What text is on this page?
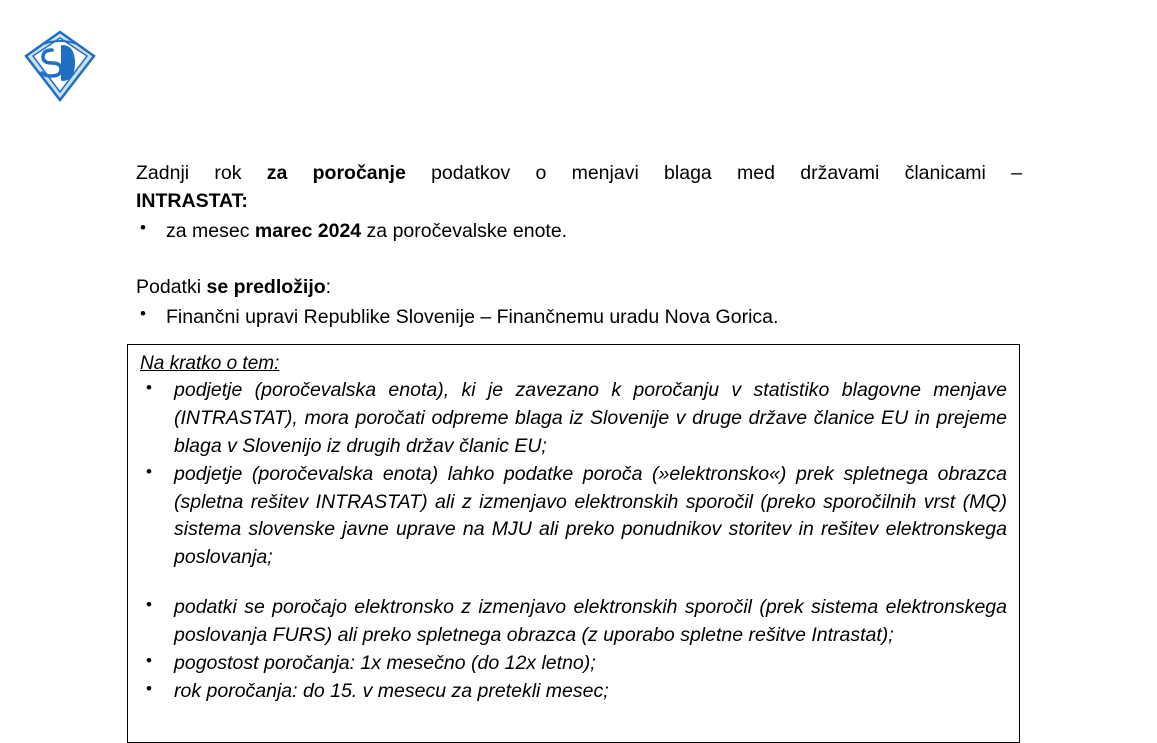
Zadnji rok za poročanje podatkov o menjavi blaga med državami članicami –

INTRASTAT:

• za mesec marec 2024 za poročevalske enote.

Podatki se predložijo:

• Finančni upravi Republike Slovenije – Finančnemu uradu Nova Gorica.
Na kratko o tem:
• podjetje (poročevalska enota), ki je zavezano k poročanju v statistiko blagovne menjave (INTRASTAT), mora poročati odpreme blaga iz Slovenije v druge države članice EU in prejeme blaga v Slovenijo iz drugih držav članic EU;
• podjetje (poročevalska enota) lahko podatke poroča (»elektronsko«) prek spletnega obrazca (spletna rešitev INTRASTAT) ali z izmenjavo elektronskih sporočil (preko sporočilnih vrst (MQ) sistema slovenske javne uprave na MJU ali preko ponudnikov storitev in rešitev elektronskega poslovanja;
• podatki se poročajo elektronsko z izmenjavo elektronskih sporočil (prek sistema elektronskega poslovanja FURS) ali preko spletnega obrazca (z uporabo spletne rešitve Intrastat);
• pogostost poročanja: 1x mesečno (do 12x letno);
• rok poročanja: do 15. v mesecu za pretekli mesec;
